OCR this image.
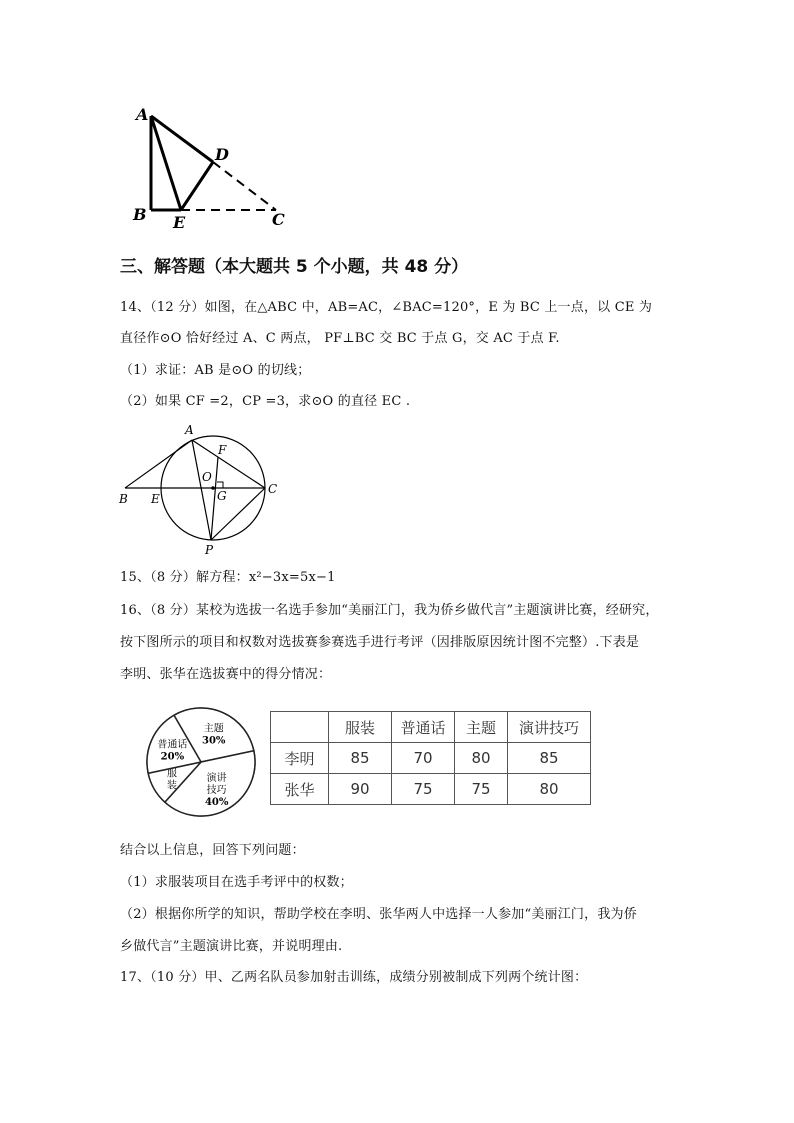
A
D
B E	C
三、解答题（本大题共 5 个小题，共 48 分）
14、（12 分）如图，在△ABC 中，AB=AC，∠BAC=120°，E 为 BC 上一点，以 CE 为
直径作⊙O 恰好经过 A、C 两点， PF⊥BC 交 BC 于点 G，交 AC 于点 F.
（1）求证：AB 是⊙O 的切线；
（2）如果 CF =2，CP =3，求⊙O 的直径 EC .
A
F
O
G
B E
C
P
15、（8 分）解方程：x²−3x=5x−1
16、（8 分）某校为选拔一名选手参加“美丽江门，我为侨乡做代言”主题演讲比赛，经研究，
按下图所示的项目和权数对选拔赛参赛选手进行考评（因排版原因统计图不完整）.下表是
李明、张华在选拔赛中的得分情况：
主题
30%
演讲
技巧
40%
服
装
普通话
20%
	服装	普通话	主题	演讲技巧
李明	85	70	80	85
张华	90	75	75	80
结合以上信息，回答下列问题：
（1）求服装项目在选手考评中的权数；
（2）根据你所学的知识，帮助学校在李明、张华两人中选择一人参加“美丽江门，我为侨
乡做代言”主题演讲比赛，并说明理由.
17、（10 分）甲、乙两名队员参加射击训练，成绩分别被制成下列两个统计图：
